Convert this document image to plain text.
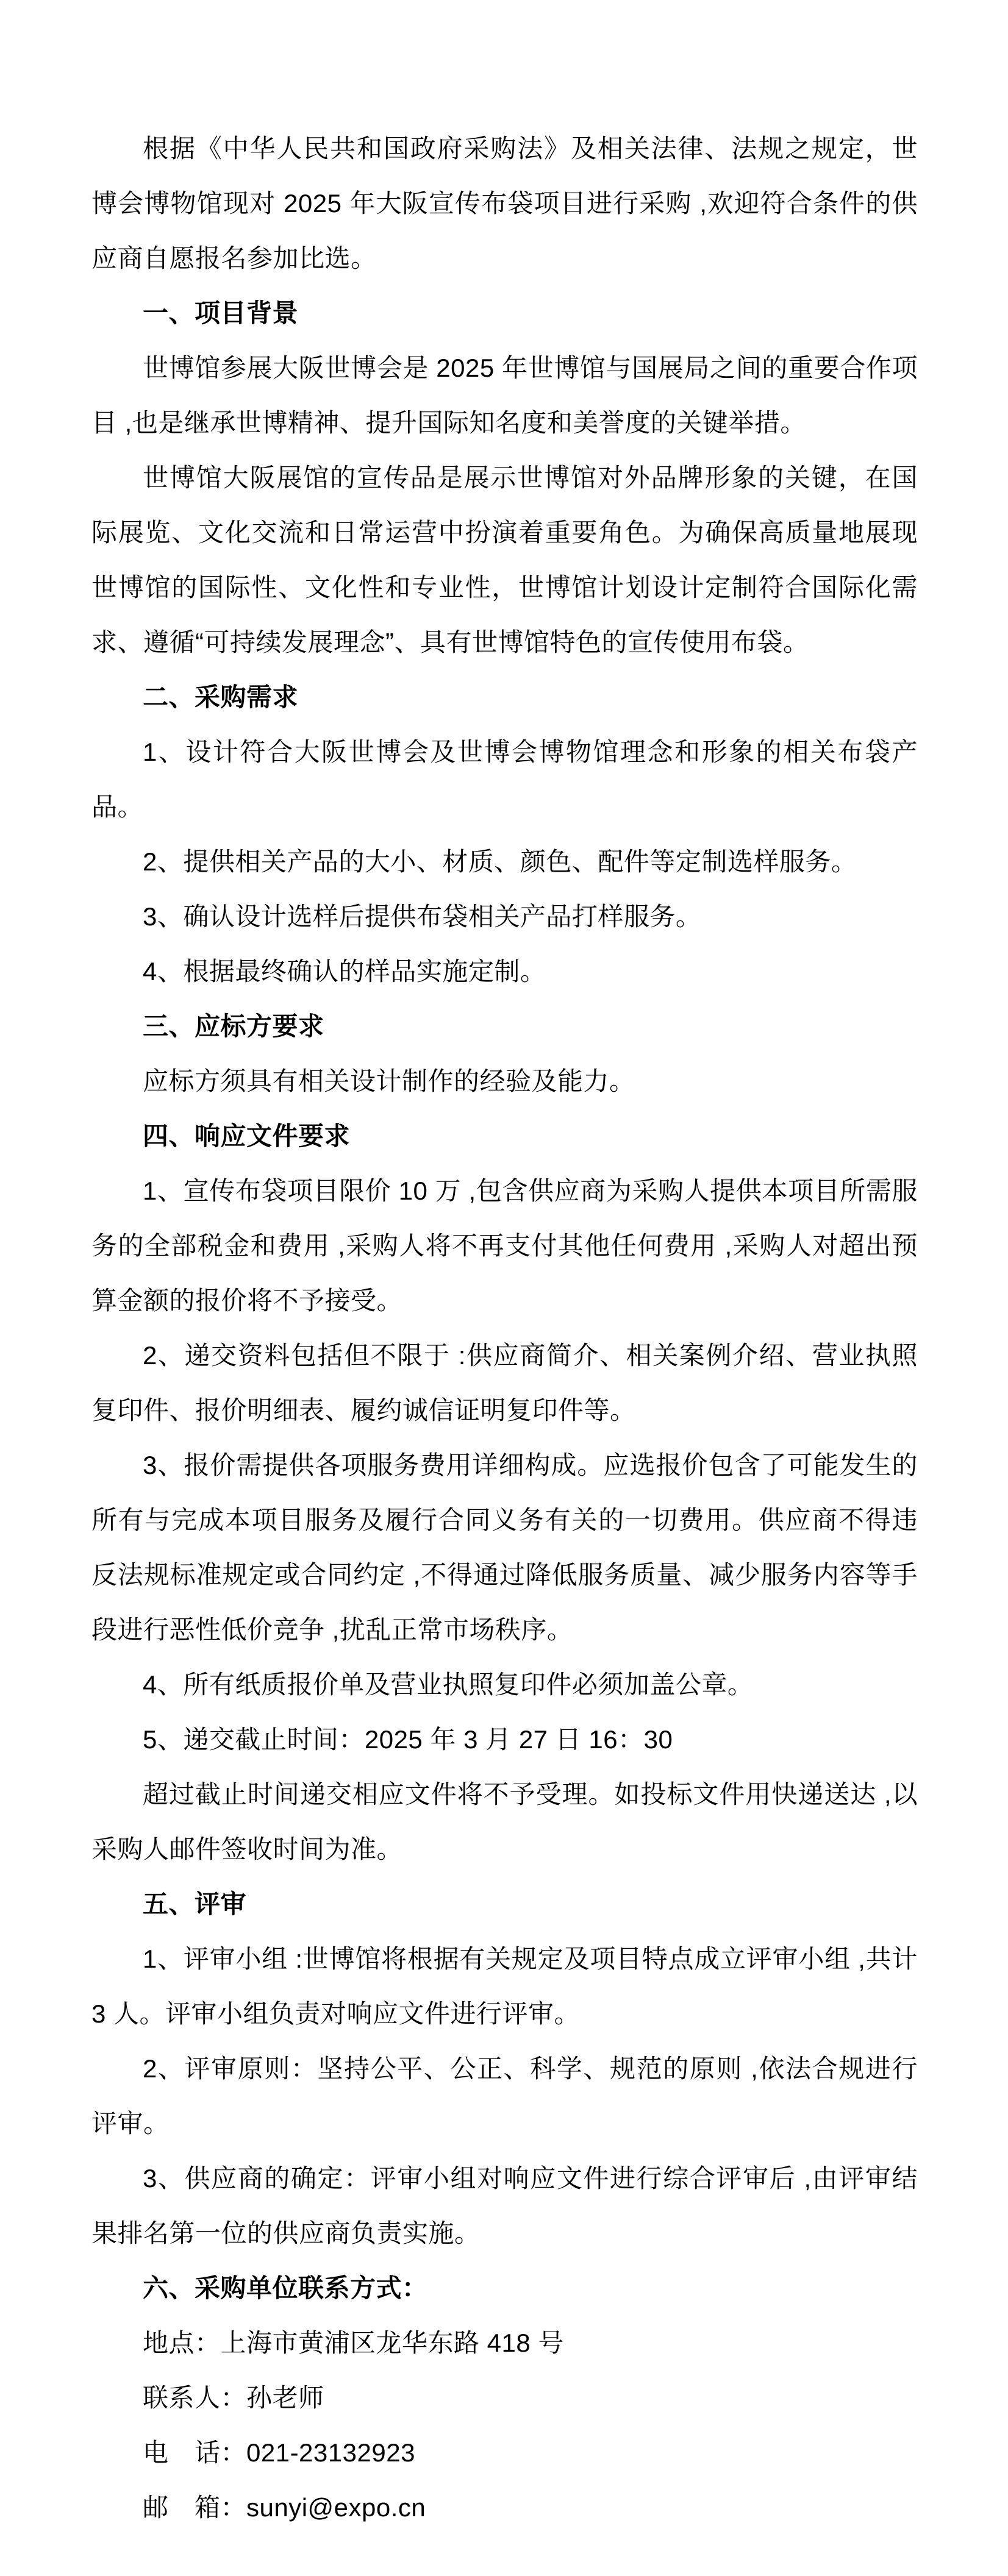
根据《中华人民共和国政府采购法》及相关法律、法规之规定，世博会博物馆现对 2025 年大阪宣传布袋项目进行采购 ,欢迎符合条件的供应商自愿报名参加比选。

一、项目背景

世博馆参展大阪世博会是 2025 年世博馆与国展局之间的重要合作项目 ,也是继承世博精神、提升国际知名度和美誉度的关键举措。

世博馆大阪展馆的宣传品是展示世博馆对外品牌形象的关键，在国际展览、文化交流和日常运营中扮演着重要角色。为确保高质量地展现世博馆的国际性、文化性和专业性，世博馆计划设计定制符合国际化需求、遵循“可持续发展理念”、具有世博馆特色的宣传使用布袋。

二、采购需求

1、设计符合大阪世博会及世博会博物馆理念和形象的相关布袋产品。

2、提供相关产品的大小、材质、颜色、配件等定制选样服务。

3、确认设计选样后提供布袋相关产品打样服务。

4、根据最终确认的样品实施定制。

三、应标方要求

应标方须具有相关设计制作的经验及能力。

四、响应文件要求

1、宣传布袋项目限价 10 万 ,包含供应商为采购人提供本项目所需服务的全部税金和费用 ,采购人将不再支付其他任何费用 ,采购人对超出预算金额的报价将不予接受。

2、递交资料包括但不限于 :供应商简介、相关案例介绍、营业执照复印件、报价明细表、履约诚信证明复印件等。

3、报价需提供各项服务费用详细构成。应选报价包含了可能发生的所有与完成本项目服务及履行合同义务有关的一切费用。供应商不得违反法规标准规定或合同约定 ,不得通过降低服务质量、减少服务内容等手段进行恶性低价竞争 ,扰乱正常市场秩序。

4、所有纸质报价单及营业执照复印件必须加盖公章。

5、递交截止时间：2025 年 3 月 27 日 16：30

超过截止时间递交相应文件将不予受理。如投标文件用快递送达 ,以采购人邮件签收时间为准。

五、评审

1、评审小组 :世博馆将根据有关规定及项目特点成立评审小组 ,共计 3 人。评审小组负责对响应文件进行评审。

2、评审原则：坚持公平、公正、科学、规范的原则 ,依法合规进行评审。

3、供应商的确定：评审小组对响应文件进行综合评审后 ,由评审结果排名第一位的供应商负责实施。

六、采购单位联系方式：

地点：上海市黄浦区龙华东路 418 号

联系人：孙老师

电　话：021-23132923

邮　箱：sunyi@expo.cn
